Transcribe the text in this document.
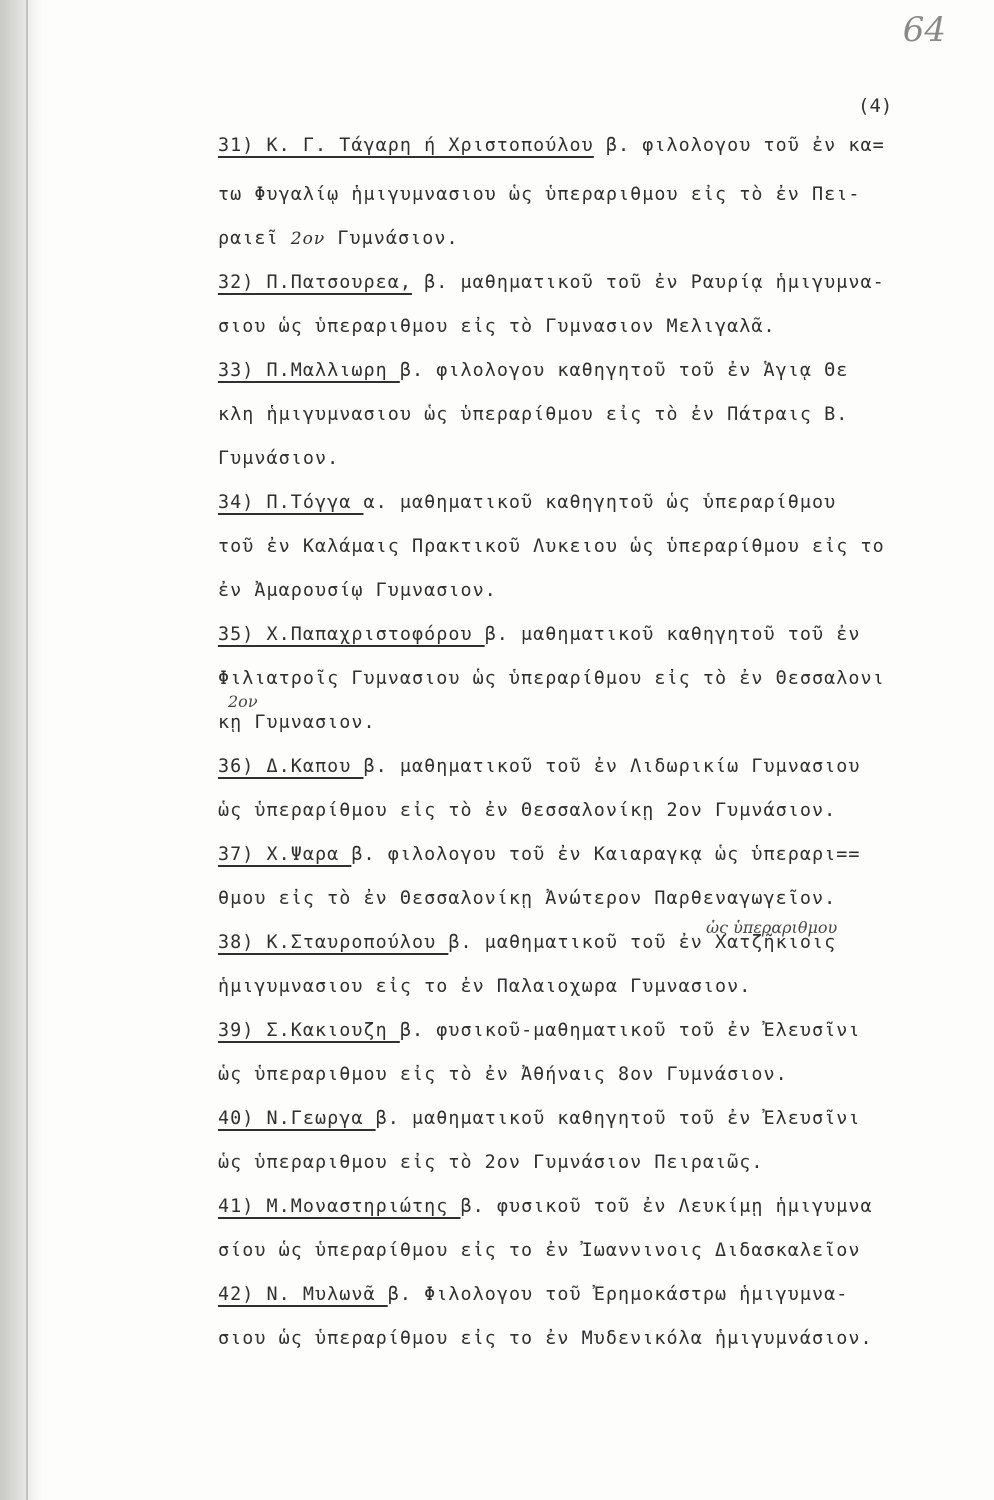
64
(4)
31) Κ. Γ. Τάγαρη ή Χριστοπούλου β. φιλολογου τοῦ ἐν κα=
τω Φυγαλίῳ ἡμιγυμνασιου ὡς ὑπεραριθμου εἰς τὸ ἐν Πει-
ραιεῖ 2ον Γυμνάσιον.
32) Π.Πατσουρεα, β. μαθηματικοῦ τοῦ ἐν Ραυρίᾳ ἡμιγυμνα-
σιου ὡς ὑπεραριθμου εἰς τὸ Γυμνασιον Μελιγαλᾶ.
33) Π.Μαλλιωρη β. φιλολογου καθηγητοῦ τοῦ ἐν Ἁγιᾳ Θε
κλη ἡμιγυμνασιου ὡς ὑπεραρίθμου εἰς τὸ ἐν Πάτραις Β.
Γυμνάσιον.
34) Π.Τόγγα α. μαθηματικοῦ καθηγητοῦ ὡς ὑπεραρίθμου
τοῦ ἐν Καλάμαις Πρακτικοῦ Λυκειου ὡς ὑπεραρίθμου εἰς το
ἐν Ἀμαρουσίῳ Γυμνασιον.
35) Χ.Παπαχριστοφόρου β. μαθηματικοῦ καθηγητοῦ τοῦ ἐν
Φιλιατροῖς Γυμνασιου ὡς ὑπεραρίθμου εἰς τὸ ἐν Θεσσαλονι
2ον
κῃ Γυμνασιον.
36) Δ.Καπου β. μαθηματικοῦ τοῦ ἐν Λιδωρικίω Γυμνασιου
ὡς ὑπεραρίθμου εἰς τὸ ἐν Θεσσαλονίκῃ 2ον Γυμνάσιον.
37) Χ.Ψαρα β. φιλολογου τοῦ ἐν Καιαραγκᾳ ὡς ὑπεραρι==
θμου εἰς τὸ ἐν Θεσσαλονίκῃ Ἀνώτερον Παρθεναγωγεῖον.
ὡς ὑπεραριθμου
38) Κ.Σταυροπούλου β. μαθηματικοῦ τοῦ ἐν Χατζῆκιοις
ἡμιγυμνασιου εἰς το ἐν Παλαιοχωρα Γυμνασιον.
39) Σ.Κακιουζη β. φυσικοῦ-μαθηματικοῦ τοῦ ἐν Ἐλευσῖνι
ὡς ὑπεραριθμου εἰς τὸ ἐν Ἀθήναις 8ον Γυμνάσιον.
40) Ν.Γεωργα β. μαθηματικοῦ καθηγητοῦ τοῦ ἐν Ἐλευσῖνι
ὡς ὑπεραριθμου εἰς τὸ 2ον Γυμνάσιον Πειραιῶς.
41) Μ.Μοναστηριώτης β. φυσικοῦ τοῦ ἐν Λευκίμῃ ἡμιγυμνα
σίου ὡς ὑπεραρίθμου εἰς το ἐν Ἰωαννινοις Διδασκαλεῖον
42) Ν. Μυλωνᾶ β. Φιλολογου τοῦ Ἐρημοκάστρω ἡμιγυμνα-
σιου ὡς ὑπεραρίθμου εἰς το ἐν Μυδενικόλα ἡμιγυμνάσιον.
